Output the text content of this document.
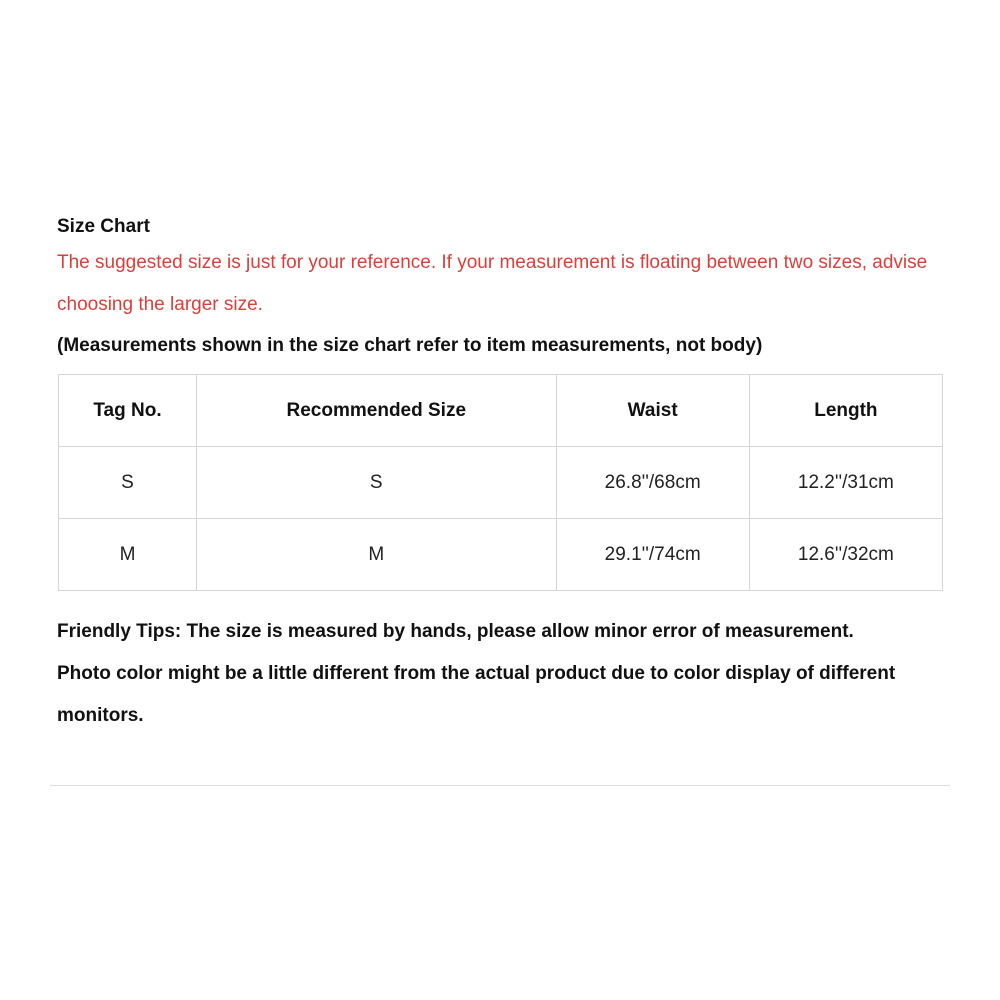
Size Chart

The suggested size is just for your reference. If your measurement is floating between two sizes, advise choosing the larger size.

(Measurements shown in the size chart refer to item measurements, not body)

Tag No.	Recommended Size	Waist	Length
S	S	26.8''/68cm	12.2''/31cm
M	M	29.1''/74cm	12.6''/32cm

Friendly Tips: The size is measured by hands, please allow minor error of measurement.

Photo color might be a little different from the actual product due to color display of different monitors.
